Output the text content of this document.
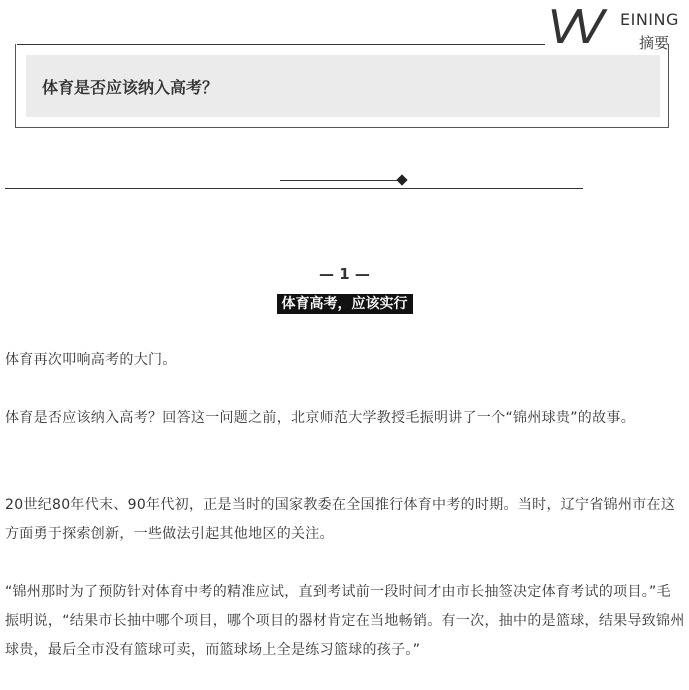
VV EINING
摘要
体育是否应该纳入高考？
— 1 —
体育高考，应该实行

体育再次叩响高考的大门。

体育是否应该纳入高考？回答这一问题之前，北京师范大学教授毛振明讲了一个“锦州球贵”的故事。

20世纪80年代末、90年代初，正是当时的国家教委在全国推行体育中考的时期。当时，辽宁省锦州市在这方面勇于探索创新，一些做法引起其他地区的关注。

“锦州那时为了预防针对体育中考的精准应试，直到考试前一段时间才由市长抽签决定体育考试的项目。”毛振明说，“结果市长抽中哪个项目，哪个项目的器材肯定在当地畅销。有一次，抽中的是篮球，结果导致锦州球贵，最后全市没有篮球可卖，而篮球场上全是练习篮球的孩子。”
